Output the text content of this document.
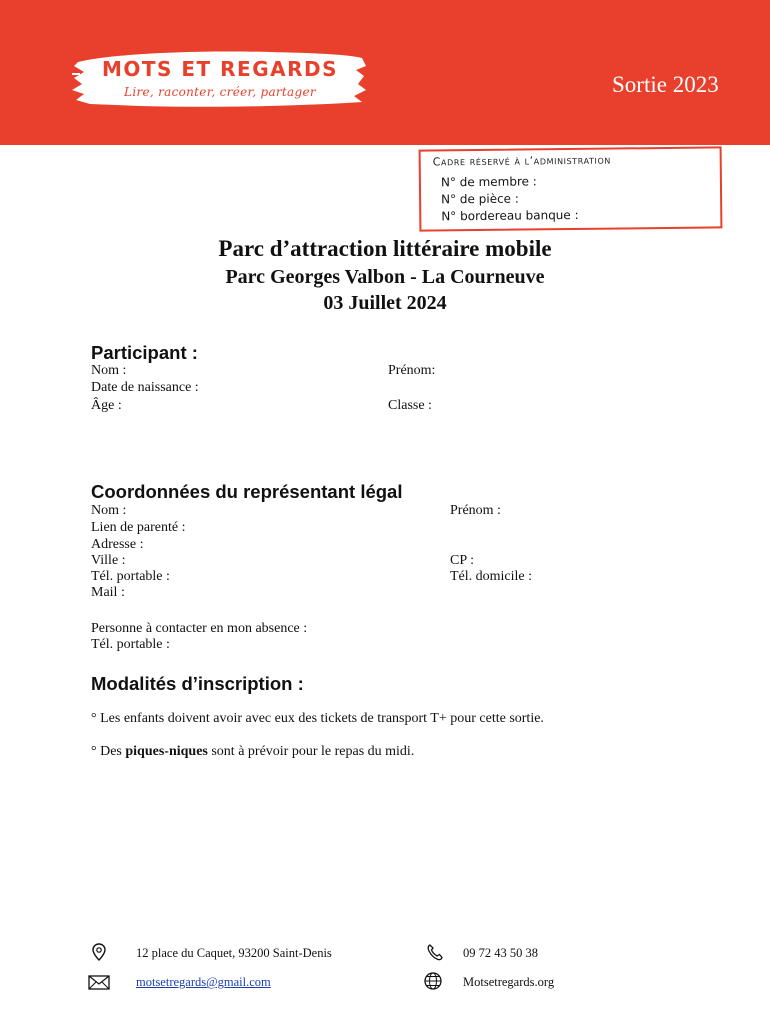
MOTS ET REGARDS
Lire, raconter, créer, partager	Sortie 2023
Cadre réservé à l’administration
N° de membre :
N° de pièce :
N° bordereau banque :
Parc d’attraction littéraire mobile
Parc Georges Valbon - La Courneuve
03 Juillet 2024
Participant :
Nom :	Prénom:
Date de naissance :
Âge :	Classe :
Coordonnées du représentant légal
Nom :	Prénom :
Lien de parenté :
Adresse :
Ville :	CP :
Tél. portable :	Tél. domicile :
Mail :
Personne à contacter en mon absence :
Tél. portable :
Modalités d’inscription :
° Les enfants doivent avoir avec eux des tickets de transport T+ pour cette sortie.
° Des piques-niques sont à prévoir pour le repas du midi.
12 place du Caquet, 93200 Saint-Denis	09 72 43 50 38
motsetregards@gmail.com	Motsetregards.org
